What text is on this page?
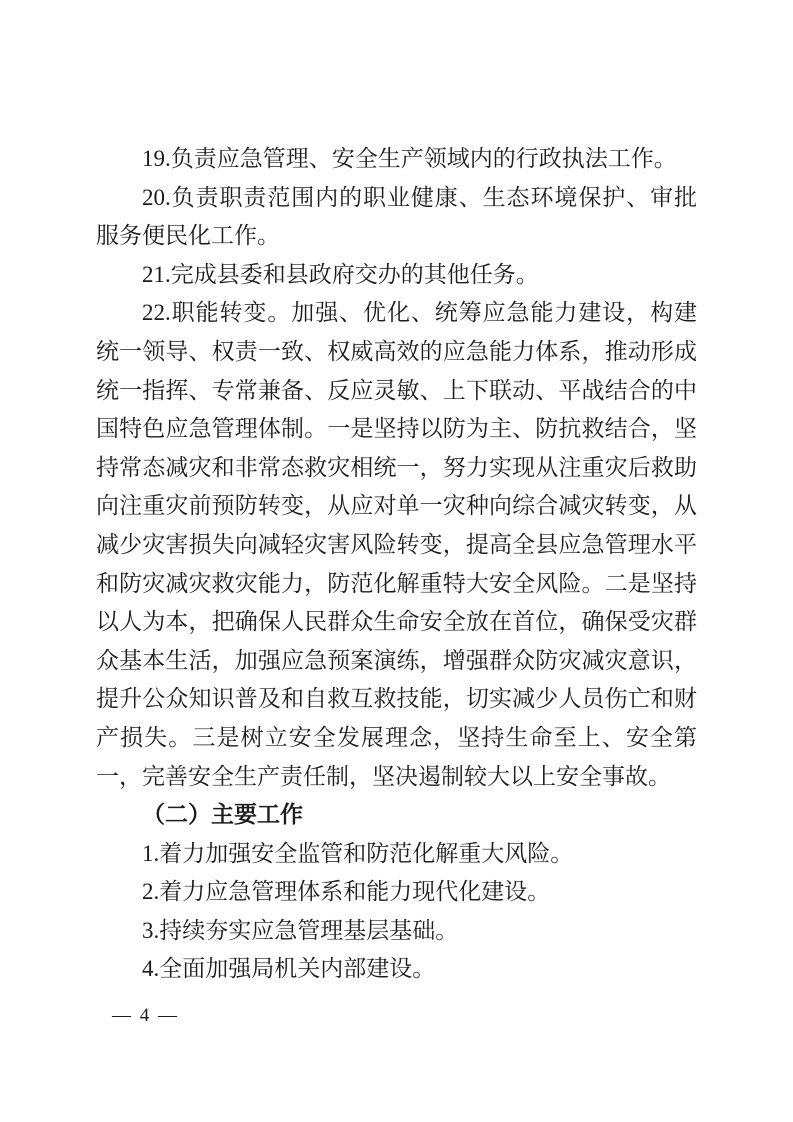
19.负责应急管理、安全生产领域内的行政执法工作。

20.负责职责范围内的职业健康、生态环境保护、审批服务便民化工作。

21.完成县委和县政府交办的其他任务。

22.职能转变。加强、优化、统筹应急能力建设，构建统一领导、权责一致、权威高效的应急能力体系，推动形成统一指挥、专常兼备、反应灵敏、上下联动、平战结合的中国特色应急管理体制。一是坚持以防为主、防抗救结合，坚持常态减灾和非常态救灾相统一，努力实现从注重灾后救助向注重灾前预防转变，从应对单一灾种向综合减灾转变，从减少灾害损失向减轻灾害风险转变，提高全县应急管理水平和防灾减灾救灾能力，防范化解重特大安全风险。二是坚持以人为本，把确保人民群众生命安全放在首位，确保受灾群众基本生活，加强应急预案演练，增强群众防灾减灾意识，提升公众知识普及和自救互救技能，切实减少人员伤亡和财产损失。三是树立安全发展理念，坚持生命至上、安全第一，完善安全生产责任制，坚决遏制较大以上安全事故。

（二）主要工作

1.着力加强安全监管和防范化解重大风险。

2.着力应急管理体系和能力现代化建设。

3.持续夯实应急管理基层基础。

4.全面加强局机关内部建设。

— 4 —
